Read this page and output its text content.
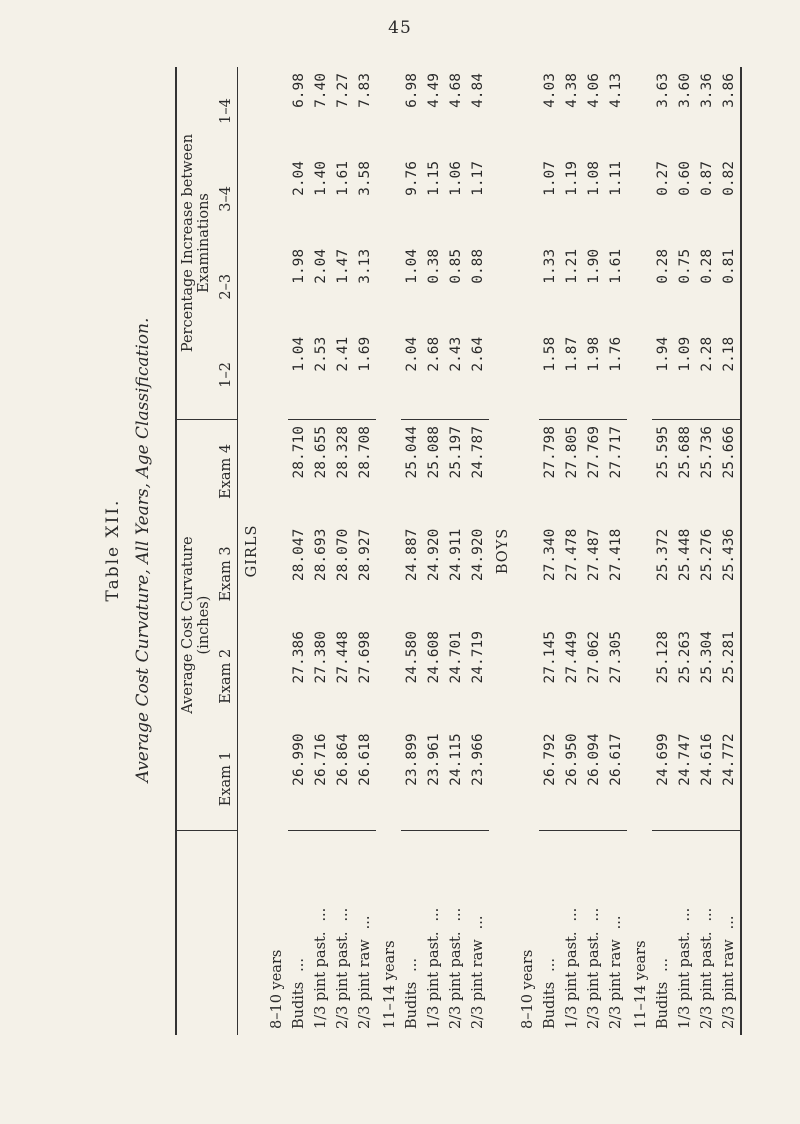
45
Table XII. Average Cost Curvature, All Years, Age Classification.
	Average Cost Curvature
(inches)				Percentage Increase between
Examinations			
	Exam 1	Exam 2	Exam 3	Exam 4	1–2	2–3	3–4	1–4
GIRLS								
8–10 years								
Budits...	26.990	27.386	28.047	28.710	1.04	1.98	2.04	6.98
1/3 pint past....	26.716	27.380	28.693	28.655	2.53	2.04	1.40	7.40
2/3 pint past....	26.864	27.448	28.070	28.328	2.41	1.47	1.61	7.27
2/3 pint raw...	26.618	27.698	28.927	28.708	1.69	3.13	3.58	7.83
11–14 years								
Budits...	23.899	24.580	24.887	25.044	2.04	1.04	9.76	6.98
1/3 pint past....	23.961	24.608	24.920	25.088	2.68	0.38	1.15	4.49
2/3 pint past....	24.115	24.701	24.911	25.197	2.43	0.85	1.06	4.68
2/3 pint raw...	23.966	24.719	24.920	24.787	2.64	0.88	1.17	4.84
BOYS								
8–10 years								
Budits...	26.792	27.145	27.340	27.798	1.58	1.33	1.07	4.03
1/3 pint past....	26.950	27.449	27.478	27.805	1.87	1.21	1.19	4.38
2/3 pint past....	26.094	27.062	27.487	27.769	1.98	1.90	1.08	4.06
2/3 pint raw...	26.617	27.305	27.418	27.717	1.76	1.61	1.11	4.13
11–14 years								
Budits...	24.699	25.128	25.372	25.595	1.94	0.28	0.27	3.63
1/3 pint past....	24.747	25.263	25.448	25.688	1.09	0.75	0.60	3.60
2/3 pint past....	24.616	25.304	25.276	25.736	2.28	0.28	0.87	3.36
2/3 pint raw...	24.772	25.281	25.436	25.666	2.18	0.81	0.82	3.86
